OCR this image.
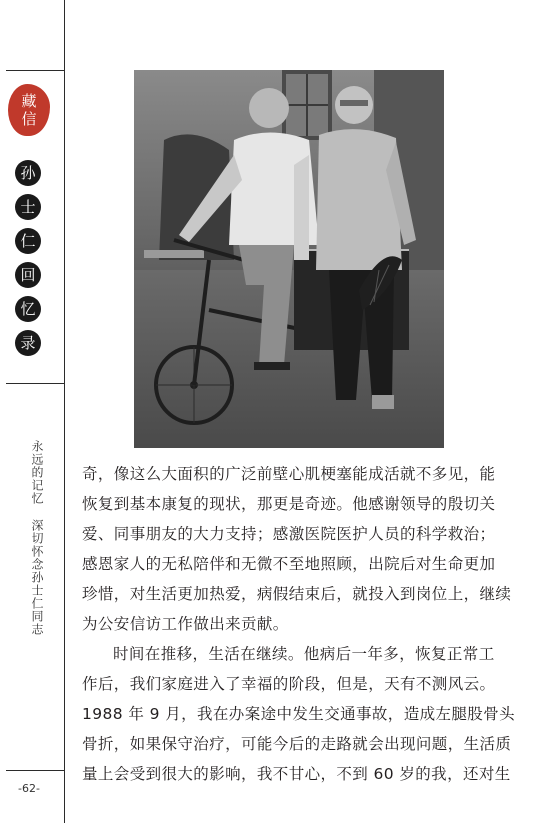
藏
信
孙
士
仁
回
忆
录
永远的记忆深切怀念孙士仁同志
-62-
奇，像这么大面积的广泛前壁心肌梗塞能成活就不多见，能
恢复到基本康复的现状，那更是奇迹。他感谢领导的殷切关
爱、同事朋友的大力支持；感激医院医护人员的科学救治；
感恩家人的无私陪伴和无微不至地照顾，出院后对生命更加
珍惜，对生活更加热爱，病假结束后，就投入到岗位上，继续
为公安信访工作做出来贡献。
时间在推移，生活在继续。他病后一年多，恢复正常工
作后，我们家庭进入了幸福的阶段，但是，天有不测风云。
1988 年 9 月，我在办案途中发生交通事故，造成左腿股骨头
骨折，如果保守治疗，可能今后的走路就会出现问题，生活质
量上会受到很大的影响，我不甘心，不到 60 岁的我，还对生
